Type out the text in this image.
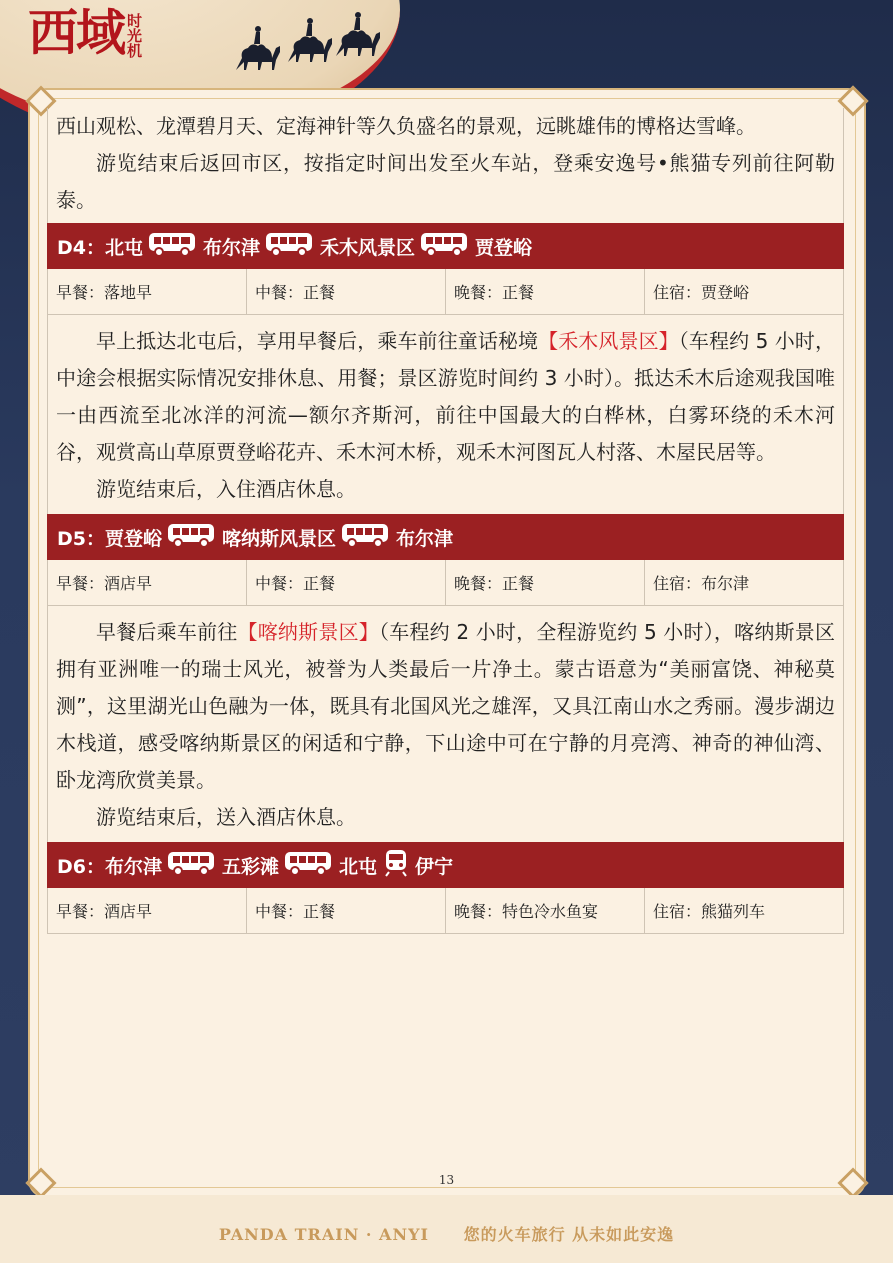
西域 时光机

西山观松、龙潭碧月天、定海神针等久负盛名的景观，远眺雄伟的博格达雪峰。

游览结束后返回市区，按指定时间出发至火车站，登乘安逸号•熊猫专列前往阿勒泰。

D4： 北屯	布尔津	禾木风景区	贾登峪
早餐：落地早	中餐：正餐	晚餐：正餐	住宿：贾登峪

早上抵达北屯后，享用早餐后，乘车前往童话秘境【禾木风景区】（车程约 5 小时，中途会根据实际情况安排休息、用餐；景区游览时间约 3 小时）。抵达禾木后途观我国唯一由西流至北冰洋的河流—额尔齐斯河，前往中国最大的白桦林，白雾环绕的禾木河谷，观赏高山草原贾登峪花卉、禾木河木桥，观禾木河图瓦人村落、木屋民居等。

游览结束后，入住酒店休息。

D5： 贾登峪	喀纳斯风景区	布尔津
早餐：酒店早	中餐：正餐	晚餐：正餐	住宿：布尔津

早餐后乘车前往【喀纳斯景区】（车程约 2 小时，全程游览约 5 小时），喀纳斯景区拥有亚洲唯一的瑞士风光，被誉为人类最后一片净土。蒙古语意为“美丽富饶、神秘莫测”，这里湖光山色融为一体，既具有北国风光之雄浑，又具江南山水之秀丽。漫步湖边木栈道，感受喀纳斯景区的闲适和宁静，下山途中可在宁静的月亮湾、神奇的神仙湾、卧龙湾欣赏美景。

游览结束后，送入酒店休息。

D6： 布尔津	五彩滩	北屯 伊宁
早餐：酒店早	中餐：正餐	晚餐：特色冷水鱼宴	住宿：熊猫列车
13
PANDA TRAIN · ANYI 您的火车旅行 从未如此安逸
